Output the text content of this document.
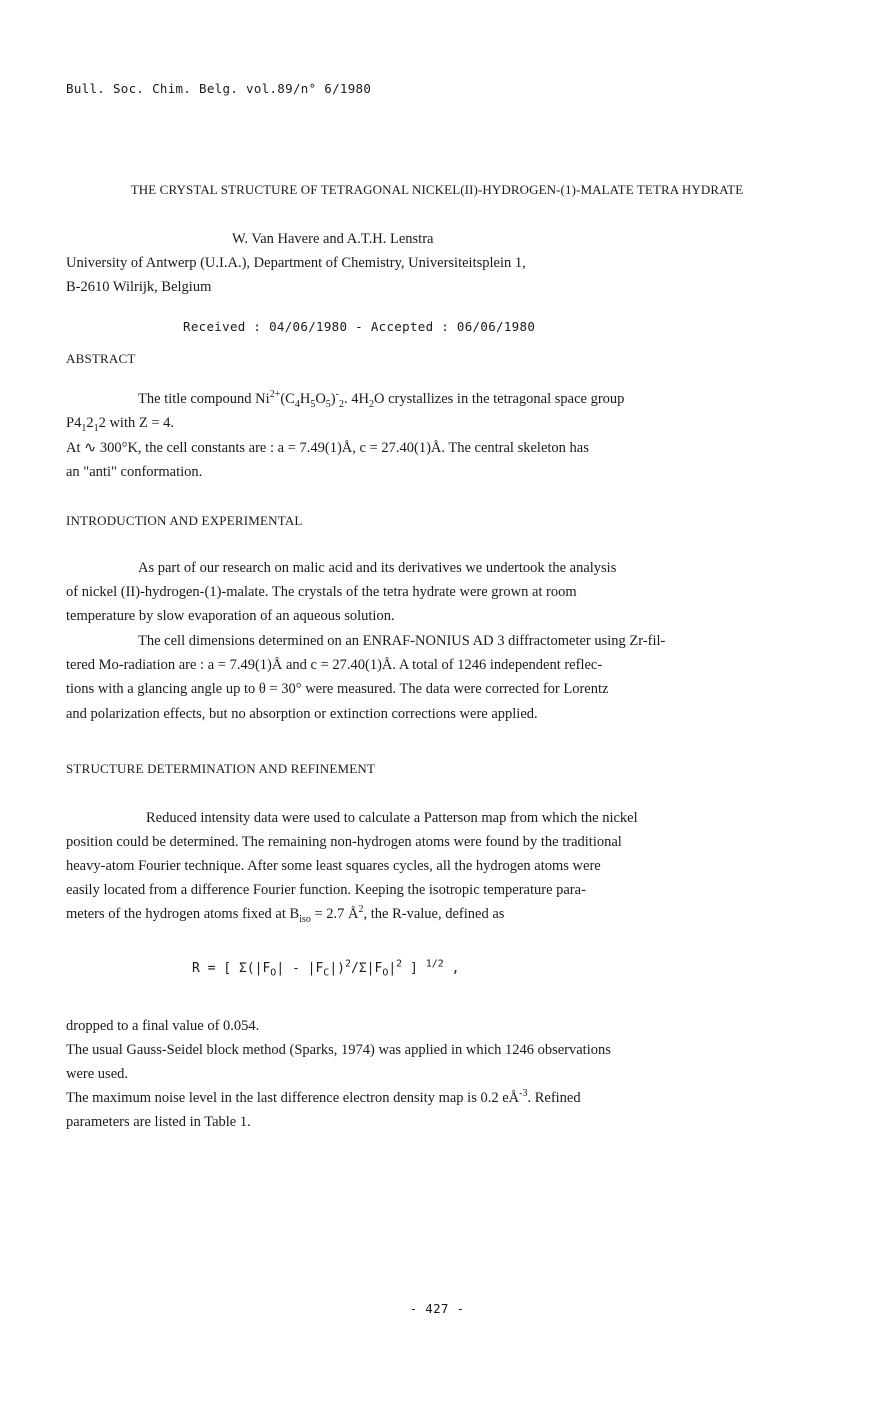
Bull. Soc. Chim. Belg. vol.89/n° 6/1980
THE CRYSTAL STRUCTURE OF TETRAGONAL NICKEL(II)-HYDROGEN-(1)-MALATE TETRA HYDRATE
W. Van Havere and A.T.H. Lenstra
University of Antwerp (U.I.A.), Department of Chemistry, Universiteitsplein 1,
B-2610 Wilrijk, Belgium
Received : 04/06/1980 - Accepted : 06/06/1980
ABSTRACT
The title compound $Ni^{2+}(C_4H_5O_5)^-_2$. $4H_2O$ crystallizes in the tetragonal space group
$P4_12_12$ with Z = 4.
At ∿ 300°K, the cell constants are : a = 7.49(1)Å, c = 27.40(1)Å. The central skeleton has
an "anti" conformation.
INTRODUCTION AND EXPERIMENTAL
As part of our research on malic acid and its derivatives we undertook the analysis
of nickel (II)-hydrogen-(1)-malate. The crystals of the tetra hydrate were grown at room
temperature by slow evaporation of an aqueous solution.
The cell dimensions determined on an ENRAF-NONIUS AD 3 diffractometer using Zr-fil-
tered Mo-radiation are : a = 7.49(1)Å and c = 27.40(1)Å. A total of 1246 independent reflec-
tions with a glancing angle up to θ = 30° were measured. The data were corrected for Lorentz
and polarization effects, but no absorption or extinction corrections were applied.
STRUCTURE DETERMINATION AND REFINEMENT
Reduced intensity data were used to calculate a Patterson map from which the nickel
position could be determined. The remaining non-hydrogen atoms were found by the traditional
heavy-atom Fourier technique. After some least squares cycles, all the hydrogen atoms were
easily located from a difference Fourier function. Keeping the isotropic temperature para-
meters of the hydrogen atoms fixed at $B_{iso} = 2.7$ $Å^2$, the R-value, defined as
R = [ $\Sigma(|F_O| - |F_C|)^2/\Sigma|F_O|^2$ ] $^{1/2}$ ,
dropped to a final value of 0.054.
The usual Gauss-Seidel block method (Sparks, 1974) was applied in which 1246 observations
were used.
The maximum noise level in the last difference electron density map is 0.2 $eÅ^{-3}$. Refined
parameters are listed in Table 1.
- 427 -
